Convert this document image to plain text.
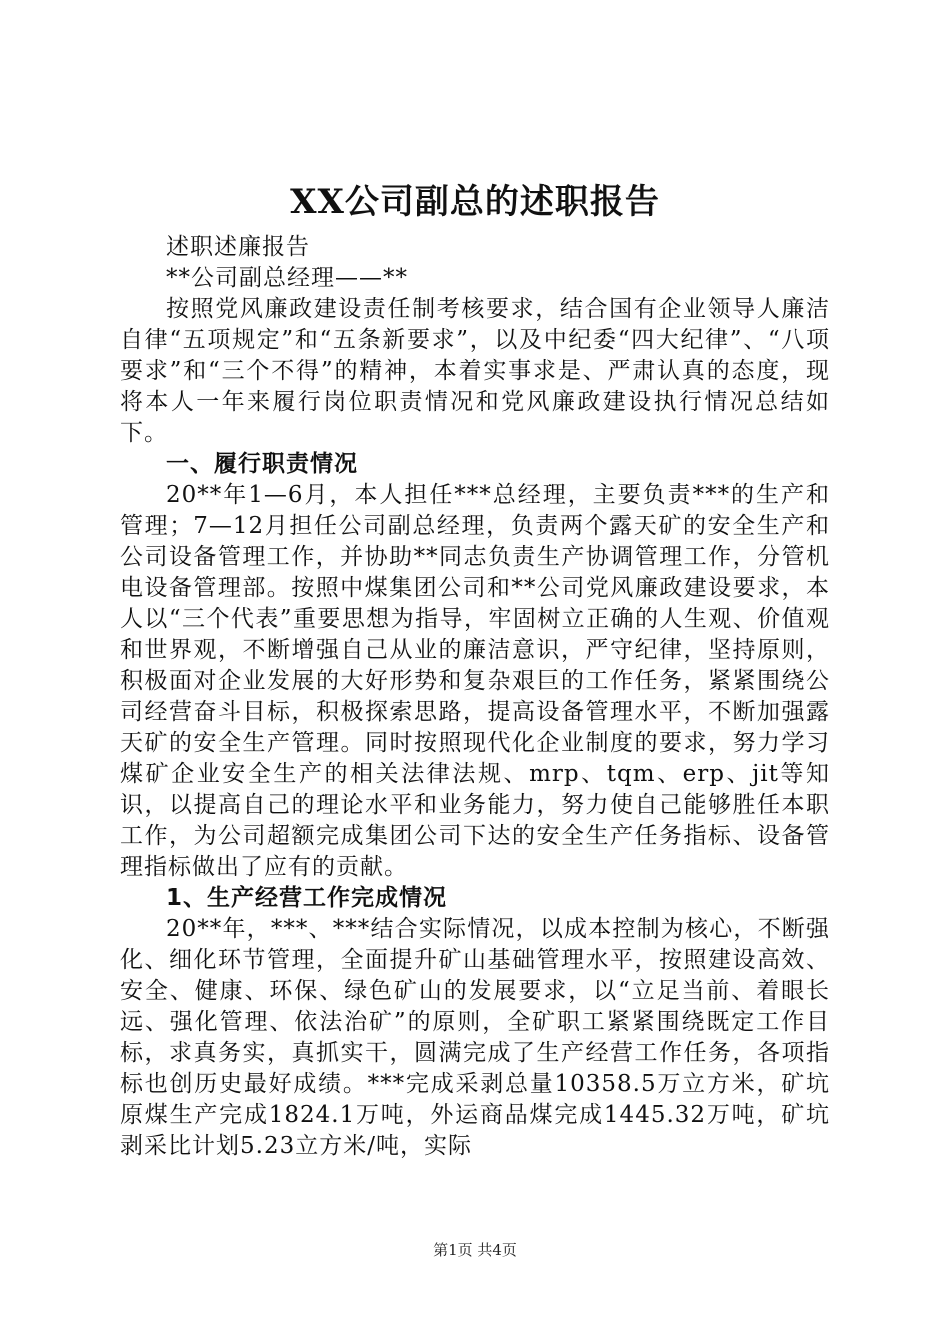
XX公司副总的述职报告

述职述廉报告

**公司副总经理——**

按照党风廉政建设责任制考核要求，结合国有企业领导人廉洁自律“五项规定”和“五条新要求”，以及中纪委“四大纪律”、“八项要求”和“三个不得”的精神，本着实事求是、严肃认真的态度，现将本人一年来履行岗位职责情况和党风廉政建设执行情况总结如下。

一、履行职责情况

20**年1—6月，本人担任***总经理，主要负责***的生产和管理；7—12月担任公司副总经理，负责两个露天矿的安全生产和公司设备管理工作，并协助**同志负责生产协调管理工作，分管机电设备管理部。按照中煤集团公司和**公司党风廉政建设要求，本人以“三个代表”重要思想为指导，牢固树立正确的人生观、价值观和世界观，不断增强自己从业的廉洁意识，严守纪律，坚持原则，积极面对企业发展的大好形势和复杂艰巨的工作任务，紧紧围绕公司经营奋斗目标，积极探索思路，提高设备管理水平，不断加强露天矿的安全生产管理。同时按照现代化企业制度的要求，努力学习煤矿企业安全生产的相关法律法规、mrp、tqm、erp、jit等知识，以提高自己的理论水平和业务能力，努力使自己能够胜任本职工作，为公司超额完成集团公司下达的安全生产任务指标、设备管理指标做出了应有的贡献。

1、生产经营工作完成情况

20**年，***、***结合实际情况，以成本控制为核心，不断强化、细化环节管理，全面提升矿山基础管理水平，按照建设高效、安全、健康、环保、绿色矿山的发展要求，以“立足当前、着眼长远、强化管理、依法治矿”的原则，全矿职工紧紧围绕既定工作目标，求真务实，真抓实干，圆满完成了生产经营工作任务，各项指标也创历史最好成绩。***完成采剥总量10358.5万立方米，矿坑原煤生产完成1824.1万吨，外运商品煤完成1445.32万吨，矿坑剥采比计划5.23立方米/吨，实际

第1页 共4页
